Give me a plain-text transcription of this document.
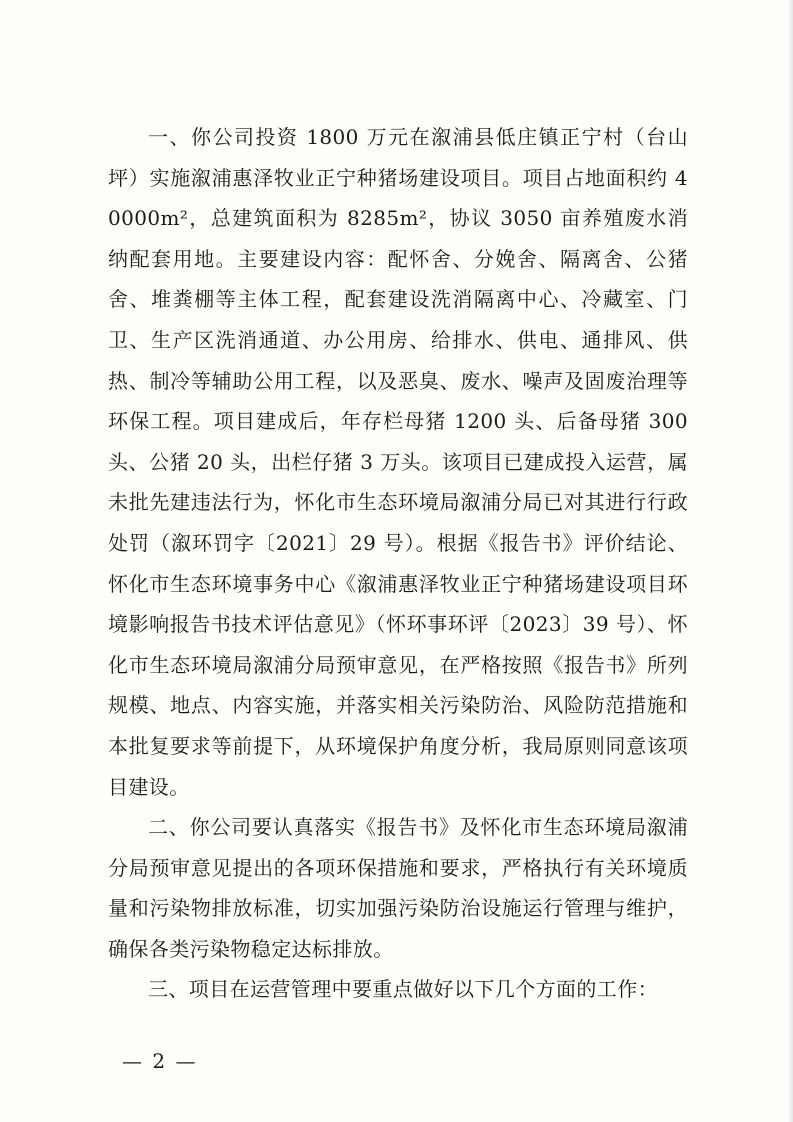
一、你公司投资 1800 万元在溆浦县低庄镇正宁村（台山坪）实施溆浦惠泽牧业正宁种猪场建设项目。项目占地面积约 40000m²，总建筑面积为 8285m²，协议 3050 亩养殖废水消纳配套用地。主要建设内容：配怀舍、分娩舍、隔离舍、公猪舍、堆粪棚等主体工程，配套建设洗消隔离中心、冷藏室、门卫、生产区洗消通道、办公用房、给排水、供电、通排风、供热、制冷等辅助公用工程，以及恶臭、废水、噪声及固废治理等环保工程。项目建成后，年存栏母猪 1200 头、后备母猪 300 头、公猪 20 头，出栏仔猪 3 万头。该项目已建成投入运营，属未批先建违法行为，怀化市生态环境局溆浦分局已对其进行行政处罚（溆环罚字〔2021〕29 号）。根据《报告书》评价结论、怀化市生态环境事务中心《溆浦惠泽牧业正宁种猪场建设项目环境影响报告书技术评估意见》（怀环事环评〔2023〕39 号）、怀化市生态环境局溆浦分局预审意见，在严格按照《报告书》所列规模、地点、内容实施，并落实相关污染防治、风险防范措施和本批复要求等前提下，从环境保护角度分析，我局原则同意该项目建设。

二、你公司要认真落实《报告书》及怀化市生态环境局溆浦分局预审意见提出的各项环保措施和要求，严格执行有关环境质量和污染物排放标准，切实加强污染防治设施运行管理与维护，确保各类污染物稳定达标排放。

三、项目在运营管理中要重点做好以下几个方面的工作：

— 2 —
